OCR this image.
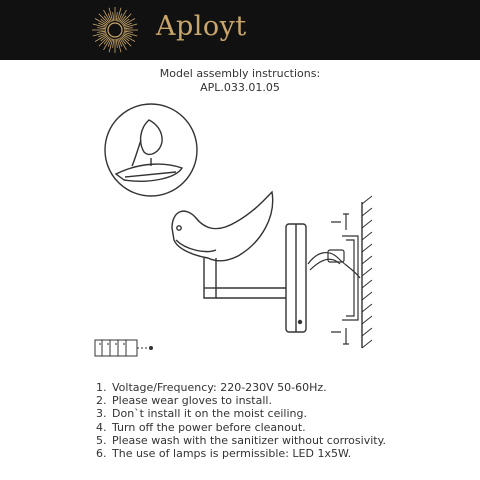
Aployt
Model assembly instructions:
APL.033.01.05
1. Voltage/Frequency: 220-230V 50-60Hz.
2. Please wear gloves to install.
3. Don`t install it on the moist ceiling.
4. Turn off the power before cleanout.
5. Please wash with the sanitizer without corrosivity.
6. The use of lamps is permissible: LED 1x5W.
